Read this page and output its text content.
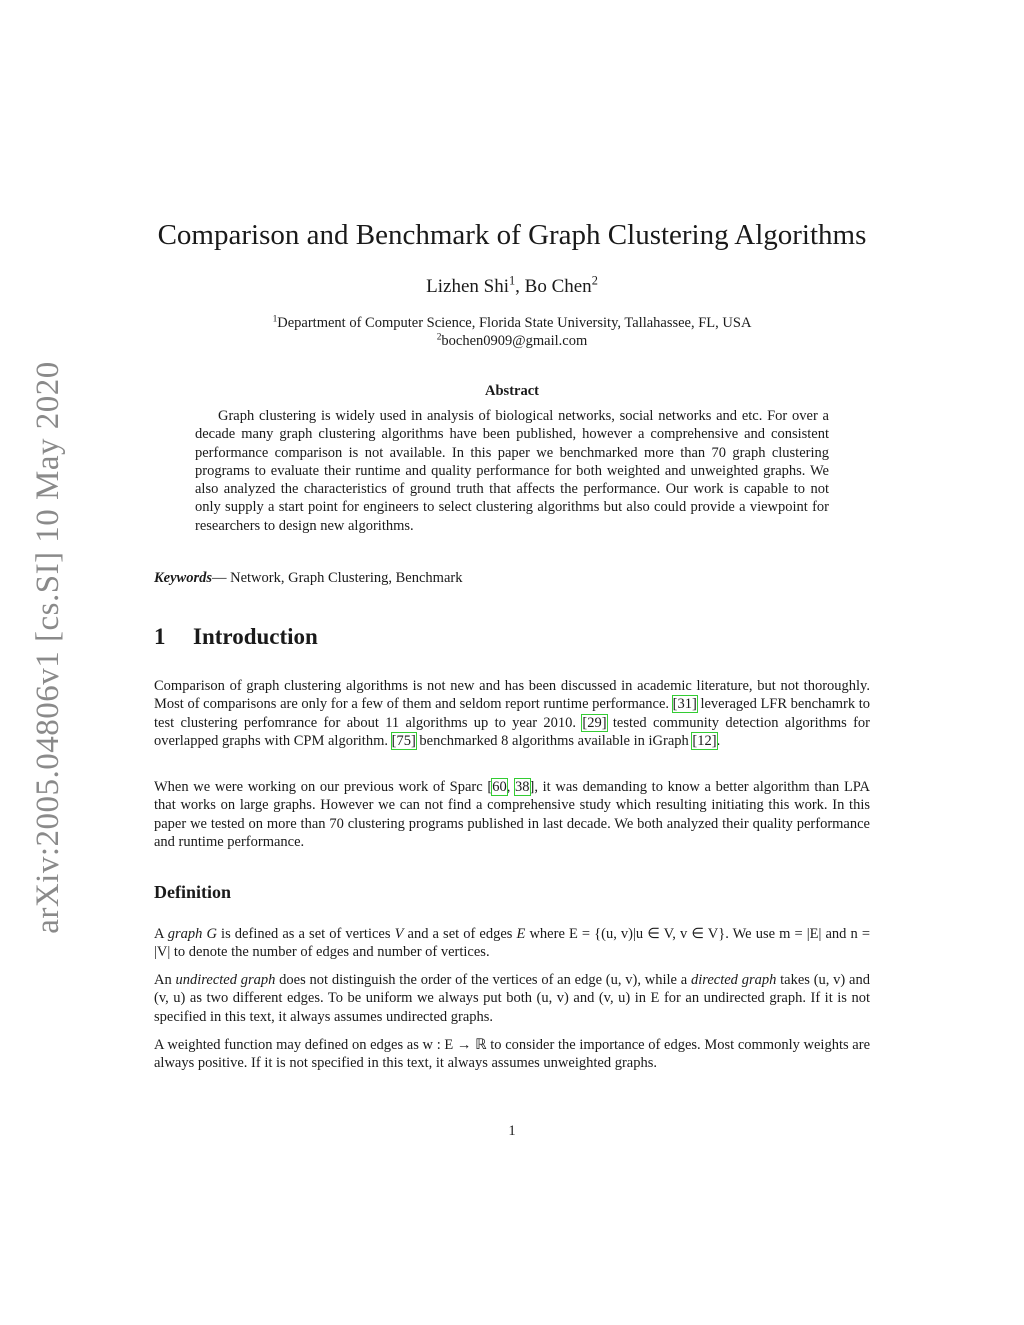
arXiv:2005.04806v1 [cs.SI] 10 May 2020
Comparison and Benchmark of Graph Clustering Algorithms
Lizhen Shi$^1$, Bo Chen$^2$
$^1$Department of Computer Science, Florida State University, Tallahassee, FL, USA
$^2$bochen0909@gmail.com
Abstract

Graph clustering is widely used in analysis of biological networks, social networks and etc. For over a decade many graph clustering algorithms have been published, however a comprehensive and consistent performance comparison is not available. In this paper we benchmarked more than 70 graph clustering programs to evaluate their runtime and quality performance for both weighted and unweighted graphs. We also analyzed the characteristics of ground truth that affects the performance. Our work is capable to not only supply a start point for engineers to select clustering algorithms but also could provide a viewpoint for researchers to design new algorithms.

Keywords— Network, Graph Clustering, Benchmark
1 Introduction

Comparison of graph clustering algorithms is not new and has been discussed in academic literature, but not thoroughly. Most of comparisons are only for a few of them and seldom report runtime performance. [31] leveraged LFR benchamrk to test clustering perfomrance for about 11 algorithms up to year 2010. [29] tested community detection algorithms for overlapped graphs with CPM algorithm. [75] benchmarked 8 algorithms available in iGraph [12].

When we were working on our previous work of Sparc [60, 38], it was demanding to know a better algorithm than LPA that works on large graphs. However we can not find a comprehensive study which resulting initiating this work. In this paper we tested on more than 70 clustering programs published in last decade. We both analyzed their quality performance and runtime performance.

Definition

A graph G is defined as a set of vertices V and a set of edges E where E = {(u, v)|u ∈ V, v ∈ V}. We use m = |E| and n = |V| to denote the number of edges and number of vertices.

An undirected graph does not distinguish the order of the vertices of an edge (u, v), while a directed graph takes (u, v) and (v, u) as two different edges. To be uniform we always put both (u, v) and (v, u) in E for an undirected graph. If it is not specified in this text, it always assumes undirected graphs.

A weighted function may defined on edges as w : E → ℝ to consider the importance of edges. Most commonly weights are always positive. If it is not specified in this text, it always assumes unweighted graphs.

1
